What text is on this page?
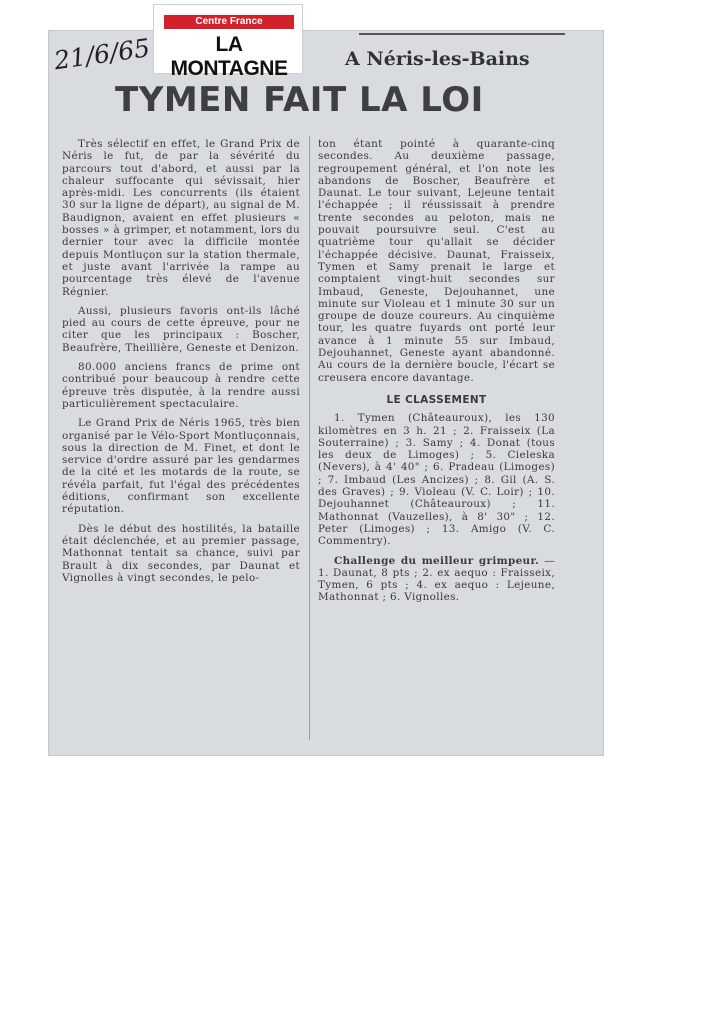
Centre France
LA MONTAGNE
21/6/65	A Néris-les-Bains
TYMEN FAIT LA LOI

Très sélectif en effet, le Grand Prix de Néris le fut, de par la sévérité du parcours tout d'abord, et aussi par la chaleur suffocante qui sévissait, hier après-midi. Les concurrents (ils étaient 30 sur la ligne de départ), au signal de M. Baudignon, avaient en effet plusieurs « bosses » à grimper, et notamment, lors du dernier tour avec la difficile montée depuis Montluçon sur la station thermale, et juste avant l'arrivée la rampe au pourcentage très élevé de l'avenue Régnier.

Aussi, plusieurs favoris ont-ils lâché pied au cours de cette épreuve, pour ne citer que les principaux : Boscher, Beaufrère, Theillière, Geneste et Denizon.

80.000 anciens francs de prime ont contribué pour beaucoup à rendre cette épreuve très disputée, à la rendre aussi particulièrement spectaculaire.

Le Grand Prix de Néris 1965, très bien organisé par le Vélo-Sport Montluçonnais, sous la direction de M. Finet, et dont le service d'ordre assuré par les gendarmes de la cité et les motards de la route, se révéla parfait, fut l'égal des précédentes éditions, confirmant son excellente réputation.

Dès le début des hostilités, la bataille était déclenchée, et au premier passage, Mathonnat tentait sa chance, suivi par Brault à dix secondes, par Daunat et Vignolles à vingt secondes, le pelo-

ton étant pointé à quarante-cinq secondes. Au deuxième passage, regroupement général, et l'on note les abandons de Boscher, Beaufrère et Daunat. Le tour suivant, Lejeune tentait l'échappée ; il réussissait à prendre trente secondes au peloton, mais ne pouvait poursuivre seul. C'est au quatrième tour qu'allait se décider l'échappée décisive. Daunat, Fraisseix, Tymen et Samy prenait le large et comptaient vingt-huit secondes sur Imbaud, Geneste, Dejouhannet, une minute sur Violeau et 1 minute 30 sur un groupe de douze coureurs. Au cinquième tour, les quatre fuyards ont porté leur avance à 1 minute 55 sur Imbaud, Dejouhannet, Geneste ayant abandonné. Au cours de la dernière boucle, l'écart se creusera encore davantage.

LE CLASSEMENT

1. Tymen (Châteauroux), les 130 kilomètres en 3 h. 21 ; 2. Fraisseix (La Souterraine) ; 3. Samy ; 4. Donat (tous les deux de Limoges) ; 5. Cieleska (Nevers), à 4' 40" ; 6. Pradeau (Limoges) ; 7. Imbaud (Les Ancizes) ; 8. Gil (A. S. des Graves) ; 9. Violeau (V. C. Loir) ; 10. Dejouhannet (Châteauroux) ; 11. Mathonnat (Vauzelles), à 8' 30" ; 12. Peter (Limoges) ; 13. Amigo (V. C. Commentry).

Challenge du meilleur grimpeur. — 1. Daunat, 8 pts ; 2. ex aequo : Fraisseix, Tymen, 6 pts ; 4. ex aequo : Lejeune, Mathonnat ; 6. Vignolles.
